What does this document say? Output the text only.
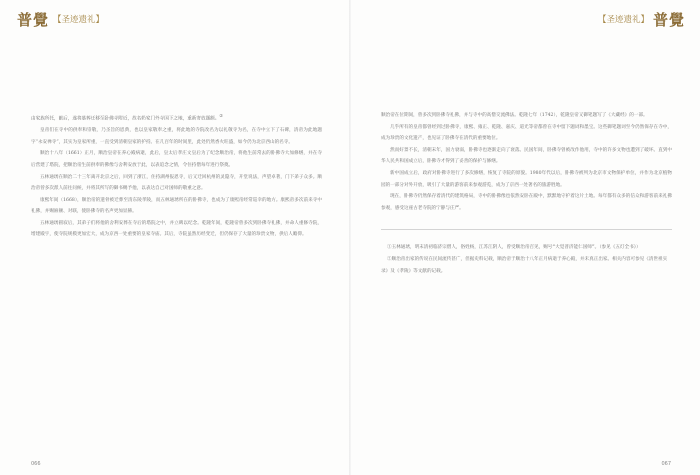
普覺 【圣迹遗礼】

由家族所托，献后，遂将墓葬迁移至卧佛寺附近，故名奶家门外寺国下之地，重新寄放题额。②

皇帝们在寺中的供奉和崇敬，乃圣旨的恩典，也以皇家敬奉之重，将此地的寺院改名为以礼敬寺为名，在寺中立下了石碑，清帝为此地题字“永安禅寺”，其实为皇家所重，一直受到清朝皇家的护持。在几百年的时间里，此处仍然香火旺盛，如今仍为北京西山的名寺。

顺治十八年（1661）正月，顺治皇帝在养心殿病逝，此后，皇太后孝庄文皇后为了纪念顺治帝，将他生前常去的卧佛寺大加修缮，并在寺后营建了塔院，把顺治帝生前供奉的佛像与舍利安放于此，以表追念之情，令住持僧每年进行祭奠。

五林通琇在顺治二十三年离开北京之后，回到了浙江，住持湖州报恩寺，后又迁回杭州的灵隐寺，开堂说法，声望卓著，门下弟子众多。顺治帝曾多次派人前往问候，并将其所写的御书赐予他，以表达自己对国师的敬重之意。

康熙年间（1668），顺治帝的遗骨被迁葬至清东陵孝陵，而五林通琇所在的卧佛寺，也成为了康熙帝经常巡幸的地方。康熙帝多次前来寺中礼佛，并赐匾额、对联，使卧佛寺的名声更加显赫。

五林通琇圆寂后，其弟子们将他的舍利安葬在寺后的塔院之中，并立碑以纪念。乾隆年间，乾隆帝曾多次到卧佛寺礼佛，并命人重修寺院，增建殿宇，使寺院规模更加宏大，成为京西一处重要的皇家寺庙。其后，寺院虽然历经变迁，但仍保存了大量的珍贵文物，供后人瞻仰。

066
【圣迹遗礼】 普覺

顺治帝在位期间，曾多次到卧佛寺礼佛，并与寺中的高僧交流佛法。乾隆七年（1742），乾隆皇帝又御笔题写了《大藏经》的一部。

几乎所有的皇帝都曾经到过卧佛寺，康熙、雍正、乾隆、嘉庆、道光等帝都曾在寺中留下题词和墨宝。这些御笔题词至今仍然保存在寺中，成为珍贵的文化遗产，也见证了卧佛寺在清代的重要地位。

然而好景不长，清朝末年，国力衰弱，卧佛寺也逐渐走向了衰落。民国年间，卧佛寺曾被改作他用，寺中的许多文物也遭到了破坏。直到中华人民共和国成立后，卧佛寺才得到了妥善的保护与修缮。

新中国成立后，政府对卧佛寺进行了多次修缮，恢复了寺院的原貌。1980年代以后，卧佛寺被列为北京市文物保护单位，并作为北京植物园的一部分对外开放，吸引了大量的游客前来参观游览，成为了京西一处著名的旅游胜地。

现在，卧佛寺仍然保存着清代的建筑格局，寺中的卧佛像也依然安卧在殿中，默默地守护着这片土地。每年都有众多的信众和游客前来礼佛参观，感受这座古老寺院的宁静与庄严。

①玉林通琇，明末清初临济宗僧人，俗姓杨，江苏江阴人，曾受顺治帝召见，赐号“大觉普济能仁国师”。（参见《五灯全书》）

②顺治帝出家的传说在民间流传甚广，但据史料记载，顺治帝于顺治十八年正月病逝于养心殿，并未真正出家。相关内容可参见《清世祖实录》及《孝陵》等文献的记载。

067
